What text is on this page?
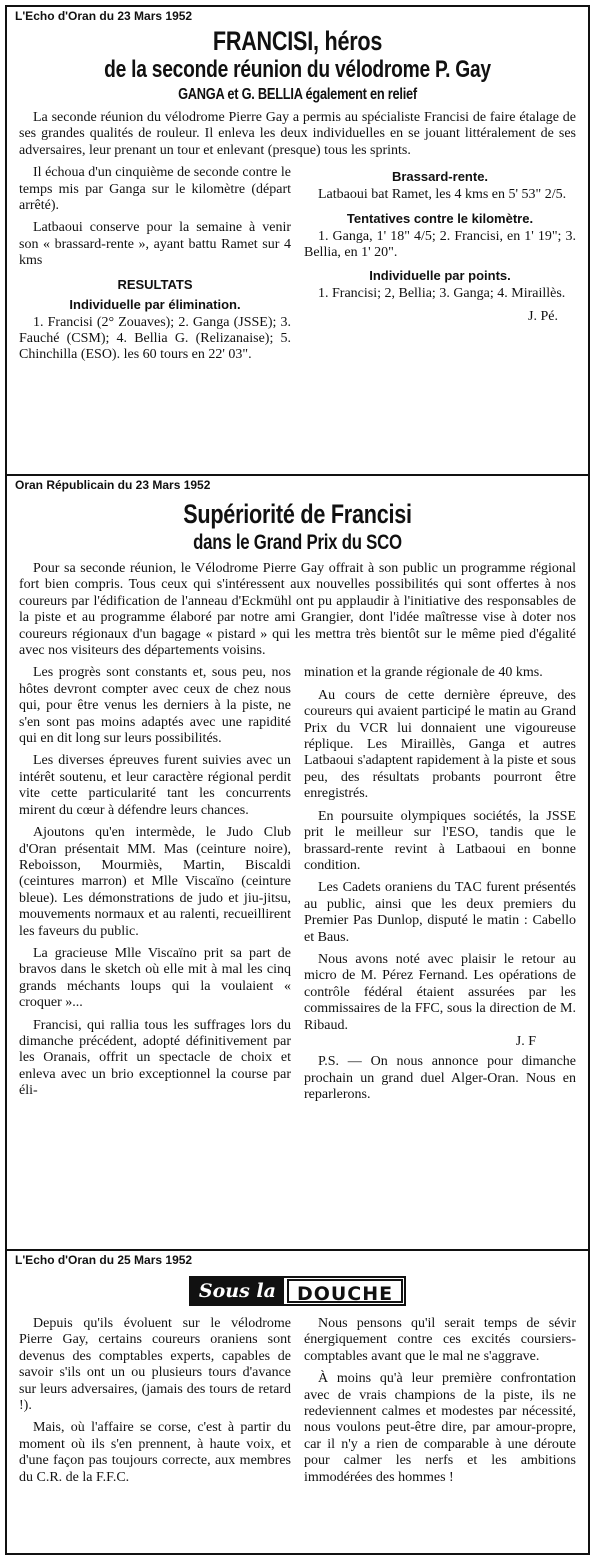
L'Echo d'Oran du 23 Mars 1952
FRANCISI, héros
de la seconde réunion du vélodrome P. Gay
GANGA et G. BELLIA également en relief

La seconde réunion du vélodrome Pierre Gay a permis au spécialiste Francisi de faire étalage de ses grandes qualités de rouleur. Il enleva les deux individuelles en se jouant littéralement de ses adversaires, leur prenant un tour et enlevant (presque) tous les sprints.

Il échoua d'un cinquième de seconde contre le temps mis par Ganga sur le kilomètre (départ arrêté).

Latbaoui conserve pour la semaine à venir son « brassard-rente », ayant battu Ramet sur 4 kms

RESULTATS
Individuelle par élimination.

1. Francisi (2° Zouaves); 2. Ganga (JSSE); 3. Fauché (CSM); 4. Bellia G. (Relizanaise); 5. Chinchilla (ESO). les 60 tours en 22' 03".

Brassard-rente.

Latbaoui bat Ramet, les 4 kms en 5' 53" 2/5.

Tentatives contre le kilomètre.

1. Ganga, 1' 18" 4/5; 2. Francisi, en 1' 19"; 3. Bellia, en 1' 20".

Individuelle par points.

1. Francisi; 2, Bellia; 3. Ganga; 4. Miraillès.

J. Pé.
Oran Républicain du 23 Mars 1952
Supériorité de Francisi
dans le Grand Prix du SCO

Pour sa seconde réunion, le Vélodrome Pierre Gay offrait à son public un programme régional fort bien compris. Tous ceux qui s'intéressent aux nouvelles possibilités qui sont offertes à nos coureurs par l'édification de l'anneau d'Eckmühl ont pu applaudir à l'initiative des responsables de la piste et au programme élaboré par notre ami Grangier, dont l'idée maîtresse vise à doter nos coureurs régionaux d'un bagage « pistard » qui les mettra très bientôt sur le même pied d'égalité avec nos visiteurs des départements voisins.

Les progrès sont constants et, sous peu, nos hôtes devront compter avec ceux de chez nous qui, pour être venus les derniers à la piste, ne s'en sont pas moins adaptés avec une rapidité qui en dit long sur leurs possibilités.

Les diverses épreuves furent suivies avec un intérêt soutenu, et leur caractère régional perdit vite cette particularité tant les concurrents mirent du cœur à défendre leurs chances.

Ajoutons qu'en intermède, le Judo Club d'Oran présentait MM. Mas (ceinture noire), Reboisson, Mourmiès, Martin, Biscaldi (ceintures marron) et Mlle Viscaïno (ceinture bleue). Les démonstrations de judo et jiu-jitsu, mouvements normaux et au ralenti, recueillirent les faveurs du public.

La gracieuse Mlle Viscaïno prit sa part de bravos dans le sketch où elle mit à mal les cinq grands méchants loups qui la voulaient « croquer »...

Francisi, qui rallia tous les suffrages lors du dimanche précédent, adopté définitivement par les Oranais, offrit un spectacle de choix et enleva avec un brio exceptionnel la course par éli-

mination et la grande régionale de 40 kms.

Au cours de cette dernière épreuve, des coureurs qui avaient participé le matin au Grand Prix du VCR lui donnaient une vigoureuse réplique. Les Miraillès, Ganga et autres Latbaoui s'adaptent rapidement à la piste et sous peu, des résultats probants pourront être enregistrés.

En poursuite olympiques sociétés, la JSSE prit le meilleur sur l'ESO, tandis que le brassard-rente revint à Latbaoui en bonne condition.

Les Cadets oraniens du TAC furent présentés au public, ainsi que les deux premiers du Premier Pas Dunlop, disputé le matin : Cabello et Baus.

Nous avons noté avec plaisir le retour au micro de M. Pérez Fernand. Les opérations de contrôle fédéral étaient assurées par les commissaires de la FFC, sous la direction de M. Ribaud.

J. F

P.S. — On nous annonce pour dimanche prochain un grand duel Alger-Oran. Nous en reparlerons.

L'Echo d'Oran du 25 Mars 1952
Sous la	DOUCHE

Depuis qu'ils évoluent sur le vélodrome Pierre Gay, certains coureurs oraniens sont devenus des comptables experts, capables de savoir s'ils ont un ou plusieurs tours d'avance sur leurs adversaires, (jamais des tours de retard !).

Mais, où l'affaire se corse, c'est à partir du moment où ils s'en prennent, à haute voix, et d'une façon pas toujours correcte, aux membres du C.R. de la F.F.C.

Nous pensons qu'il serait temps de sévir énergiquement contre ces excités coursiers-comptables avant que le mal ne s'aggrave.

À moins qu'à leur première confrontation avec de vrais champions de la piste, ils ne redeviennent calmes et modestes par nécessité, nous voulons peut-être dire, par amour-propre, car il n'y a rien de comparable à une déroute pour calmer les nerfs et les ambitions immodérées des hommes !
